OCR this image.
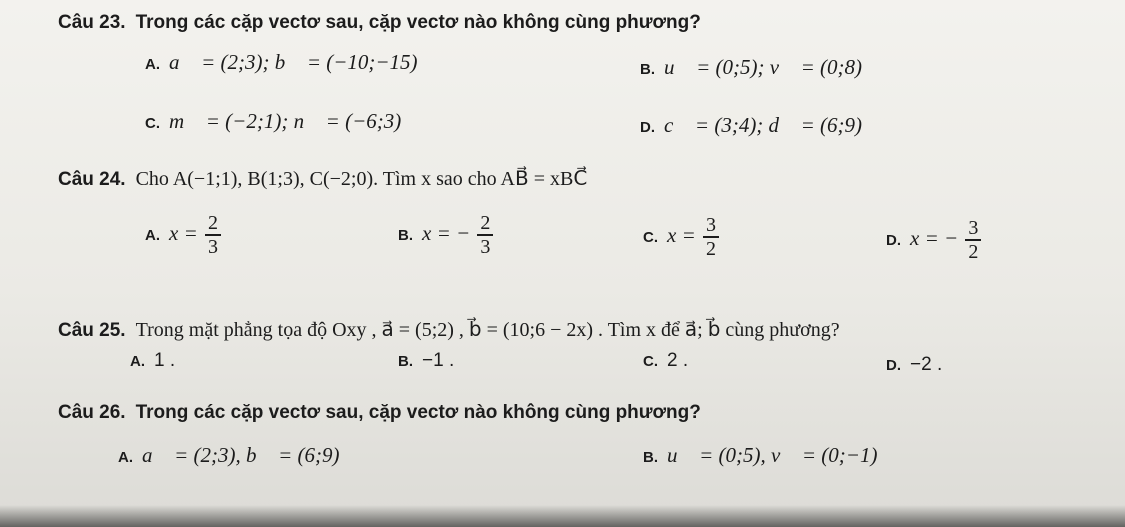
Câu 23. Trong các cặp vectơ sau, cặp vectơ nào không cùng phương?
A. a⃗ = (2;3); b⃗ = (−10;−15)	B. u⃗ = (0;5); v⃗ = (0;8)
C. m⃗ = (−2;1); n⃗ = (−6;3)	D. c⃗ = (3;4); d⃗ = (6;9)
Câu 24. Cho A(−1;1), B(1;3), C(−2;0). Tìm x sao cho AB⃗ = xBC⃗
A. $x = \frac{2}{3}$	B. x = − $\frac{2}{3}$	C. $x = \frac{3}{2}$	D. x = − $\frac{3}{2}$
Câu 25. Trong mặt phẳng tọa độ Oxy , a⃗ = (5;2) , b⃗ = (10;6 − 2x) . Tìm x để a⃗; b⃗ cùng phương?
A. 1 .	B. −1 .	C. 2 .	D. −2 .
Câu 26. Trong các cặp vectơ sau, cặp vectơ nào không cùng phương?
A. a⃗ = (2;3), b⃗ = (6;9)	B. u⃗ = (0;5), v⃗ = (0;−1)
